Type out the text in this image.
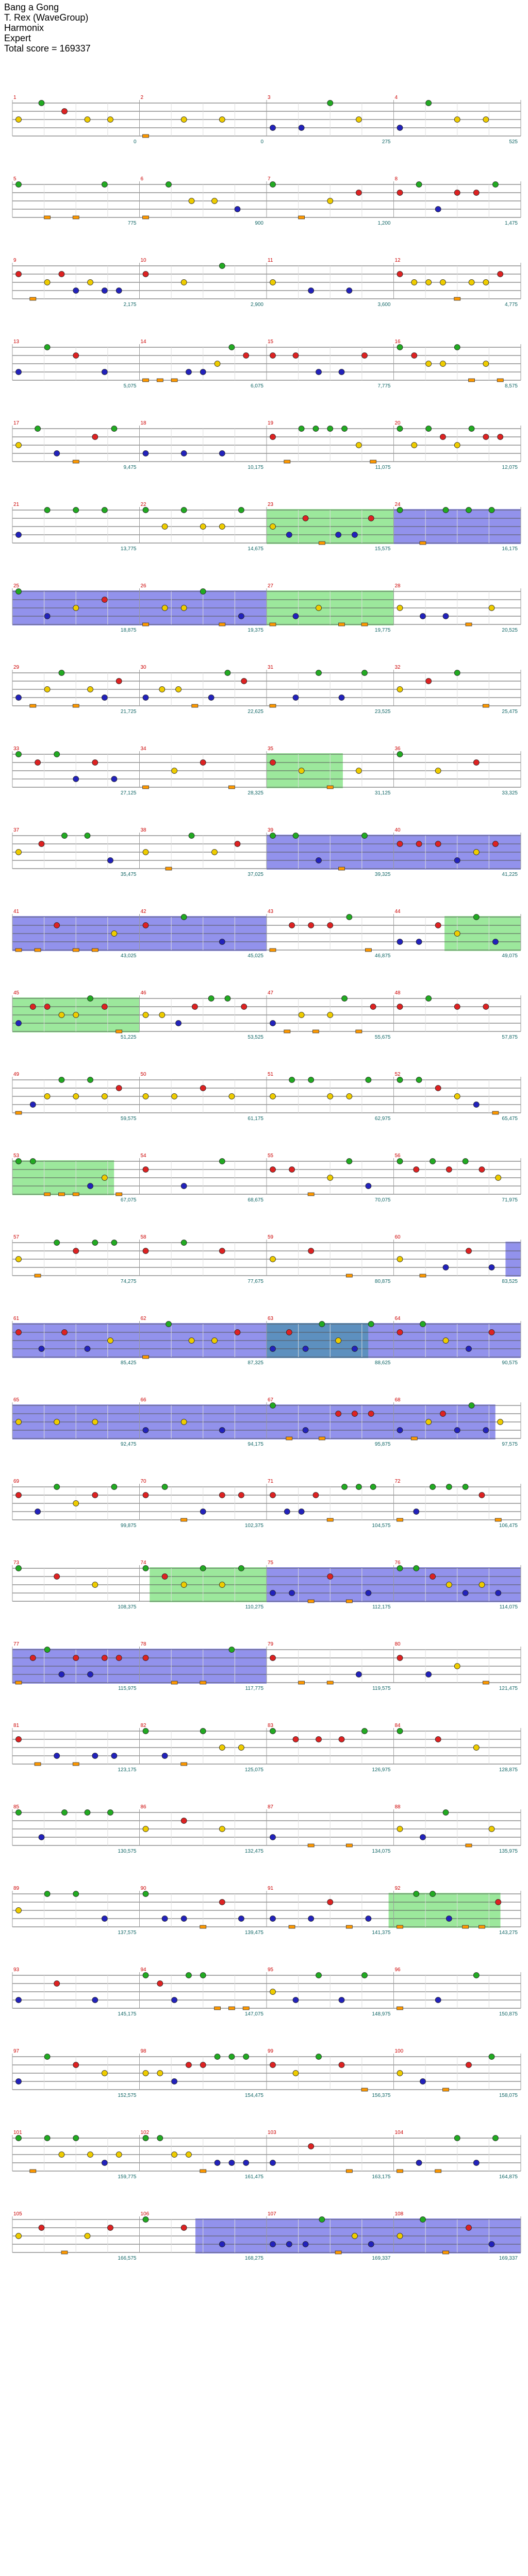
Bang a Gong
T. Rex (WaveGroup)
Harmonix
Expert
Total score = 169337
1
0
2
0
3
275
4
525
5
775
6
900
7
1,200
8
1,475
9
2,175
10
2,900
11
3,600
12
4,775
13
5,075
14
6,075
15
7,775
16
8,575
17
9,475
18
10,175
19
11,075
20
12,075
21
13,775
22
14,675
23
15,575
24
16,175
25
18,875
26
19,375
27
19,775
28
20,525
29
21,725
30
22,625
31
23,525
32
25,475
33
27,125
34
28,325
35
31,125
36
33,325
37
35,475
38
37,025
39
39,325
40
41,225
41
43,025
42
45,025
43
46,875
44
49,075
45
51,225
46
53,525
47
55,675
48
57,875
49
59,575
50
61,175
51
62,975
52
65,475
53
67,075
54
68,675
55
70,075
56
71,975
57
74,275
58
77,675
59
80,875
60
83,525
61
85,425
62
87,325
63
88,625
64
90,575
65
92,475
66
94,175
67
95,875
68
97,575
69
99,875
70
102,375
71
104,575
72
106,475
73
108,375
74
110,275
75
112,175
76
114,075
77
115,975
78
117,775
79
119,575
80
121,475
81
123,175
82
125,075
83
126,975
84
128,875
85
130,575
86
132,475
87
134,075
88
135,975
89
137,575
90
139,475
91
141,375
92
143,275
93
145,175
94
147,075
95
148,975
96
150,875
97
152,575
98
154,475
99
156,375
100
158,075
101
159,775
102
161,475
103
163,175
104
164,875
105
166,575
106
168,275
107
169,337
108
169,337
